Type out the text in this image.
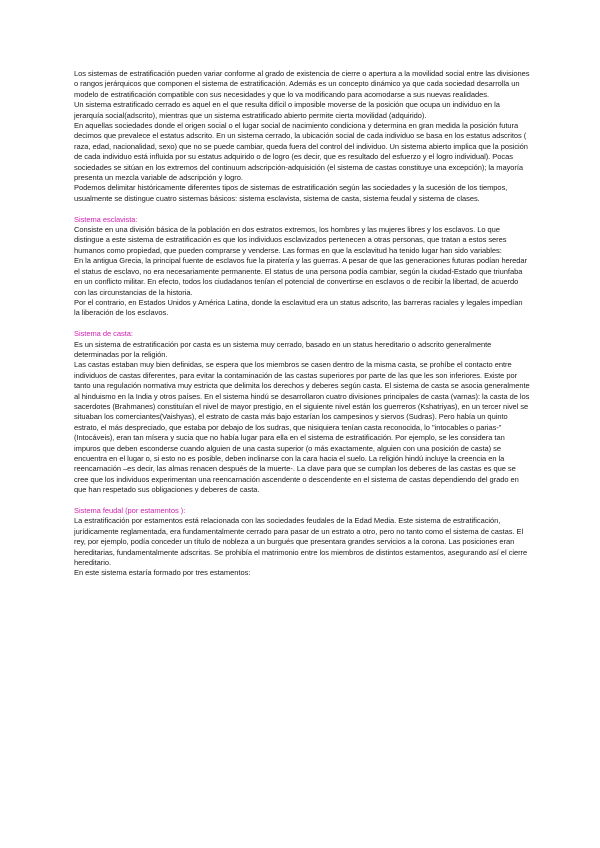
Los sistemas de estratificación pueden variar conforme al grado de existencia de cierre o apertura a la movilidad social entre las divisiones o rangos jerárquicos que componen el sistema de estratificación. Además es un concepto dinámico ya que cada sociedad desarrolla un modelo de estratificación compatible con sus necesidades y que lo va modificando para acomodarse a sus nuevas realidades.

Un sistema estratificado cerrado es aquel en el que resulta difícil o imposible moverse de la posición que ocupa un individuo en la jerarquía social(adscrito), mientras que un sistema estratificado abierto permite cierta movilidad (adquirido).

En aquellas sociedades donde el origen social o el lugar social de nacimiento condiciona y determina en gran medida la posición futura decimos que prevalece el estatus adscrito. En un sistema cerrado, la ubicación social de cada individuo se basa en los estatus adscritos ( raza, edad, nacionalidad, sexo) que no se puede cambiar, queda fuera del control del individuo. Un sistema abierto implica que la posición de cada individuo está influida por su estatus adquirido o de logro (es decir, que es resultado del esfuerzo y el logro individual). Pocas sociedades se sitúan en los extremos del continuum adscripción-adquisición (el sistema de castas constituye una excepción); la mayoría presenta un mezcla variable de adscripción y logro.

Podemos delimitar históricamente diferentes tipos de sistemas de estratificación según las sociedades y la sucesión de los tiempos, usualmente se distingue cuatro sistemas básicos: sistema esclavista, sistema de casta, sistema feudal y sistema de clases.

Sistema esclavista:

Consiste en una división básica de la población en dos estratos extremos, los hombres y las mujeres libres y los esclavos. Lo que distingue a este sistema de estratificación es que los individuos esclavizados pertenecen a otras personas, que tratan a estos seres humanos como propiedad, que pueden comprarse y venderse. Las formas en que la esclavitud ha tenido lugar han sido variables:

En la antigua Grecia, la principal fuente de esclavos fue la piratería y las guerras. A pesar de que las generaciones futuras podían heredar el status de esclavo, no era necesariamente permanente. El status de una persona podía cambiar, según la ciudad-Estado que triunfaba en un conflicto militar. En efecto, todos los ciudadanos tenían el potencial de convertirse en esclavos o de recibir la libertad, de acuerdo con las circunstancias de la historia.

Por el contrario, en Estados Unidos y América Latina, donde la esclavitud era un status adscrito, las barreras raciales y legales impedían la liberación de los esclavos.

Sistema de casta:

Es un sistema de estratificación por casta es un sistema muy cerrado, basado en un status hereditario o adscrito generalmente determinadas por la religión.

Las castas estaban muy bien definidas, se espera que los miembros se casen dentro de la misma casta, se prohíbe el contacto entre individuos de castas diferentes, para evitar la contaminación de las castas superiores por parte de las que les son inferiores. Existe por tanto una regulación normativa muy estricta que delimita los derechos y deberes según casta. El sistema de casta se asocia generalmente al hinduismo en la India y otros países. En el sistema hindú se desarrollaron cuatro divisiones principales de casta (varnas): la casta de los sacerdotes (Brahmanes) constituían el nivel de mayor prestigio, en el siguiente nivel están los guerreros (Kshatriyas), en un tercer nivel se situaban los comerciantes(Vaishyas), el estrato de casta más bajo estarían los campesinos y siervos (Sudras). Pero había un quinto estrato, el más despreciado, que estaba por debajo de los sudras, que nisiquiera tenían casta reconocida, lo "intocables o parias-" (Intocáveis), eran tan mísera y sucia que no había lugar para ella en el sistema de estratificación. Por ejemplo, se les considera tan impuros que deben esconderse cuando alguien de una casta superior (o más exactamente, alguien con una posición de casta) se encuentra en el lugar o, si esto no es posible, deben inclinarse con la cara hacia el suelo. La religión hindú incluye la creencia en la reencarnación –es decir, las almas renacen después de la muerte-. La clave para que se cumplan los deberes de las castas es que se cree que los individuos experimentan una reencarnación ascendente o descendente en el sistema de castas dependiendo del grado en que han respetado sus obligaciones y deberes de casta.

Sistema feudal (por estamentos ):

La estratificación por estamentos está relacionada con las sociedades feudales de la Edad Media. Este sistema de estratificación, jurídicamente reglamentada, era fundamentalmente cerrado para pasar de un estrato a otro, pero no tanto como el sistema de castas. El rey, por ejemplo, podía conceder un título de nobleza a un burgués que presentara grandes servicios a la corona. Las posiciones eran hereditarias, fundamentalmente adscritas. Se prohibía el matrimonio entre los miembros de distintos estamentos, asegurando así el cierre hereditario.

En este sistema estaría formado por tres estamentos:
